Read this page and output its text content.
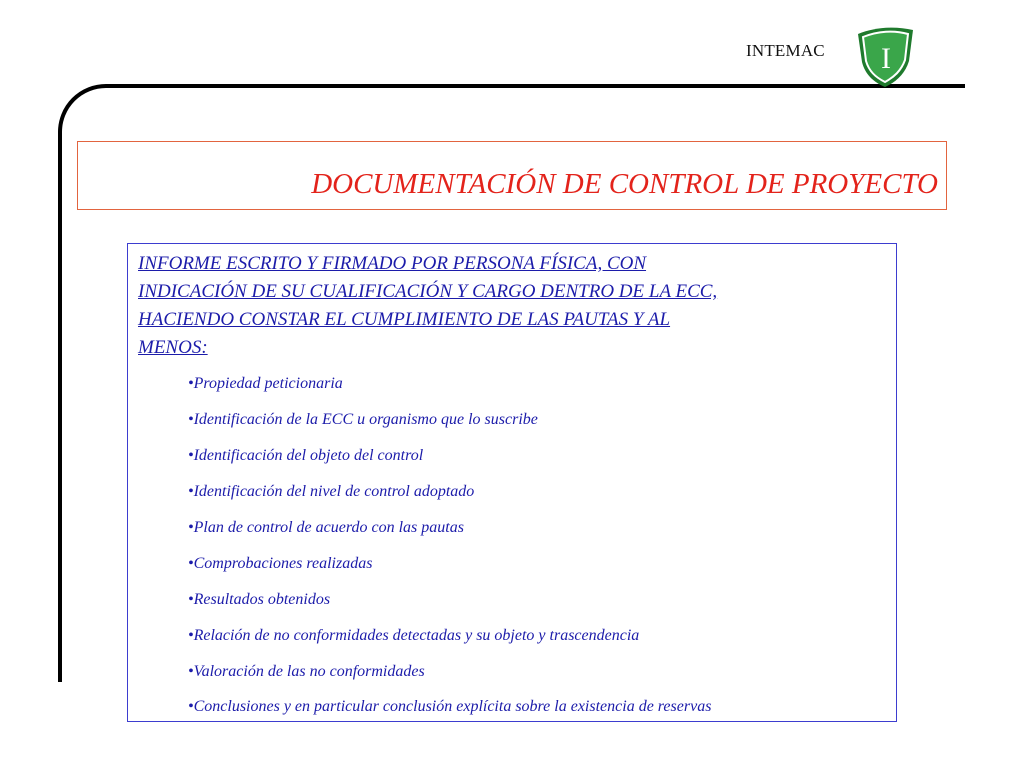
INTEMAC I
DOCUMENTACIÓN DE CONTROL DE PROYECTO
INFORME ESCRITO Y FIRMADO POR PERSONA FÍSICA, CON
INDICACIÓN DE SU CUALIFICACIÓN Y CARGO DENTRO DE LA ECC,
HACIENDO CONSTAR EL CUMPLIMIENTO DE LAS PAUTAS Y AL
MENOS:
•Propiedad peticionaria
•Identificación de la ECC u organismo que lo suscribe
•Identificación del objeto del control
•Identificación del nivel de control adoptado
•Plan de control de acuerdo con las pautas
•Comprobaciones realizadas
•Resultados obtenidos
•Relación de no conformidades detectadas y su objeto y trascendencia
•Valoración de las no conformidades
•Conclusiones y en particular conclusión explícita sobre la existencia de reservas
